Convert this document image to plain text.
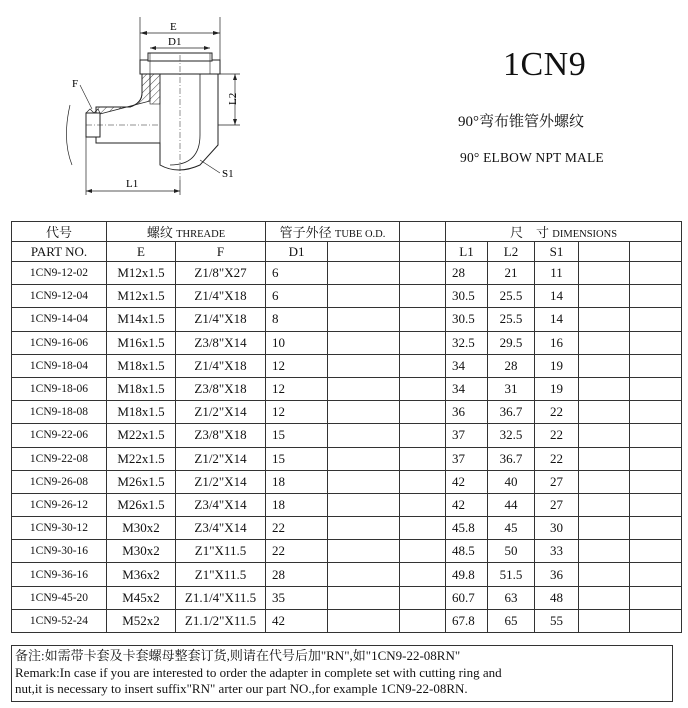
E
D1
F
L2
S1
L1
1CN9
90°弯布锥管外螺纹
90° ELBOW NPT MALE
代号	螺纹 THREADE		管子外径 TUBE O.D.			尺　寸 DIMENSIONS				
PART NO.	E	F	D1			L1	L2	S1		
1CN9-12-02	M12x1.5	Z1/8"X27	6			28	21	11		
1CN9-12-04	M12x1.5	Z1/4"X18	6			30.5	25.5	14		
1CN9-14-04	M14x1.5	Z1/4"X18	8			30.5	25.5	14		
1CN9-16-06	M16x1.5	Z3/8"X14	10			32.5	29.5	16		
1CN9-18-04	M18x1.5	Z1/4"X18	12			34	28	19		
1CN9-18-06	M18x1.5	Z3/8"X18	12			34	31	19		
1CN9-18-08	M18x1.5	Z1/2"X14	12			36	36.7	22		
1CN9-22-06	M22x1.5	Z3/8"X18	15			37	32.5	22		
1CN9-22-08	M22x1.5	Z1/2"X14	15			37	36.7	22		
1CN9-26-08	M26x1.5	Z1/2"X14	18			42	40	27		
1CN9-26-12	M26x1.5	Z3/4"X14	18			42	44	27		
1CN9-30-12	M30x2	Z3/4"X14	22			45.8	45	30		
1CN9-30-16	M30x2	Z1"X11.5	22			48.5	50	33		
1CN9-36-16	M36x2	Z1"X11.5	28			49.8	51.5	36		
1CN9-45-20	M45x2	Z1.1/4"X11.5	35			60.7	63	48		
1CN9-52-24	M52x2	Z1.1/2"X11.5	42			67.8	65	55		
备注:如需带卡套及卡套螺母整套订货,则请在代号后加"RN",如"1CN9-22-08RN"
Remark:In case if you are interested to order the adapter in complete set with cutting ring and
nut,it is necessary to insert suffix"RN" arter our part NO.,for example 1CN9-22-08RN.
